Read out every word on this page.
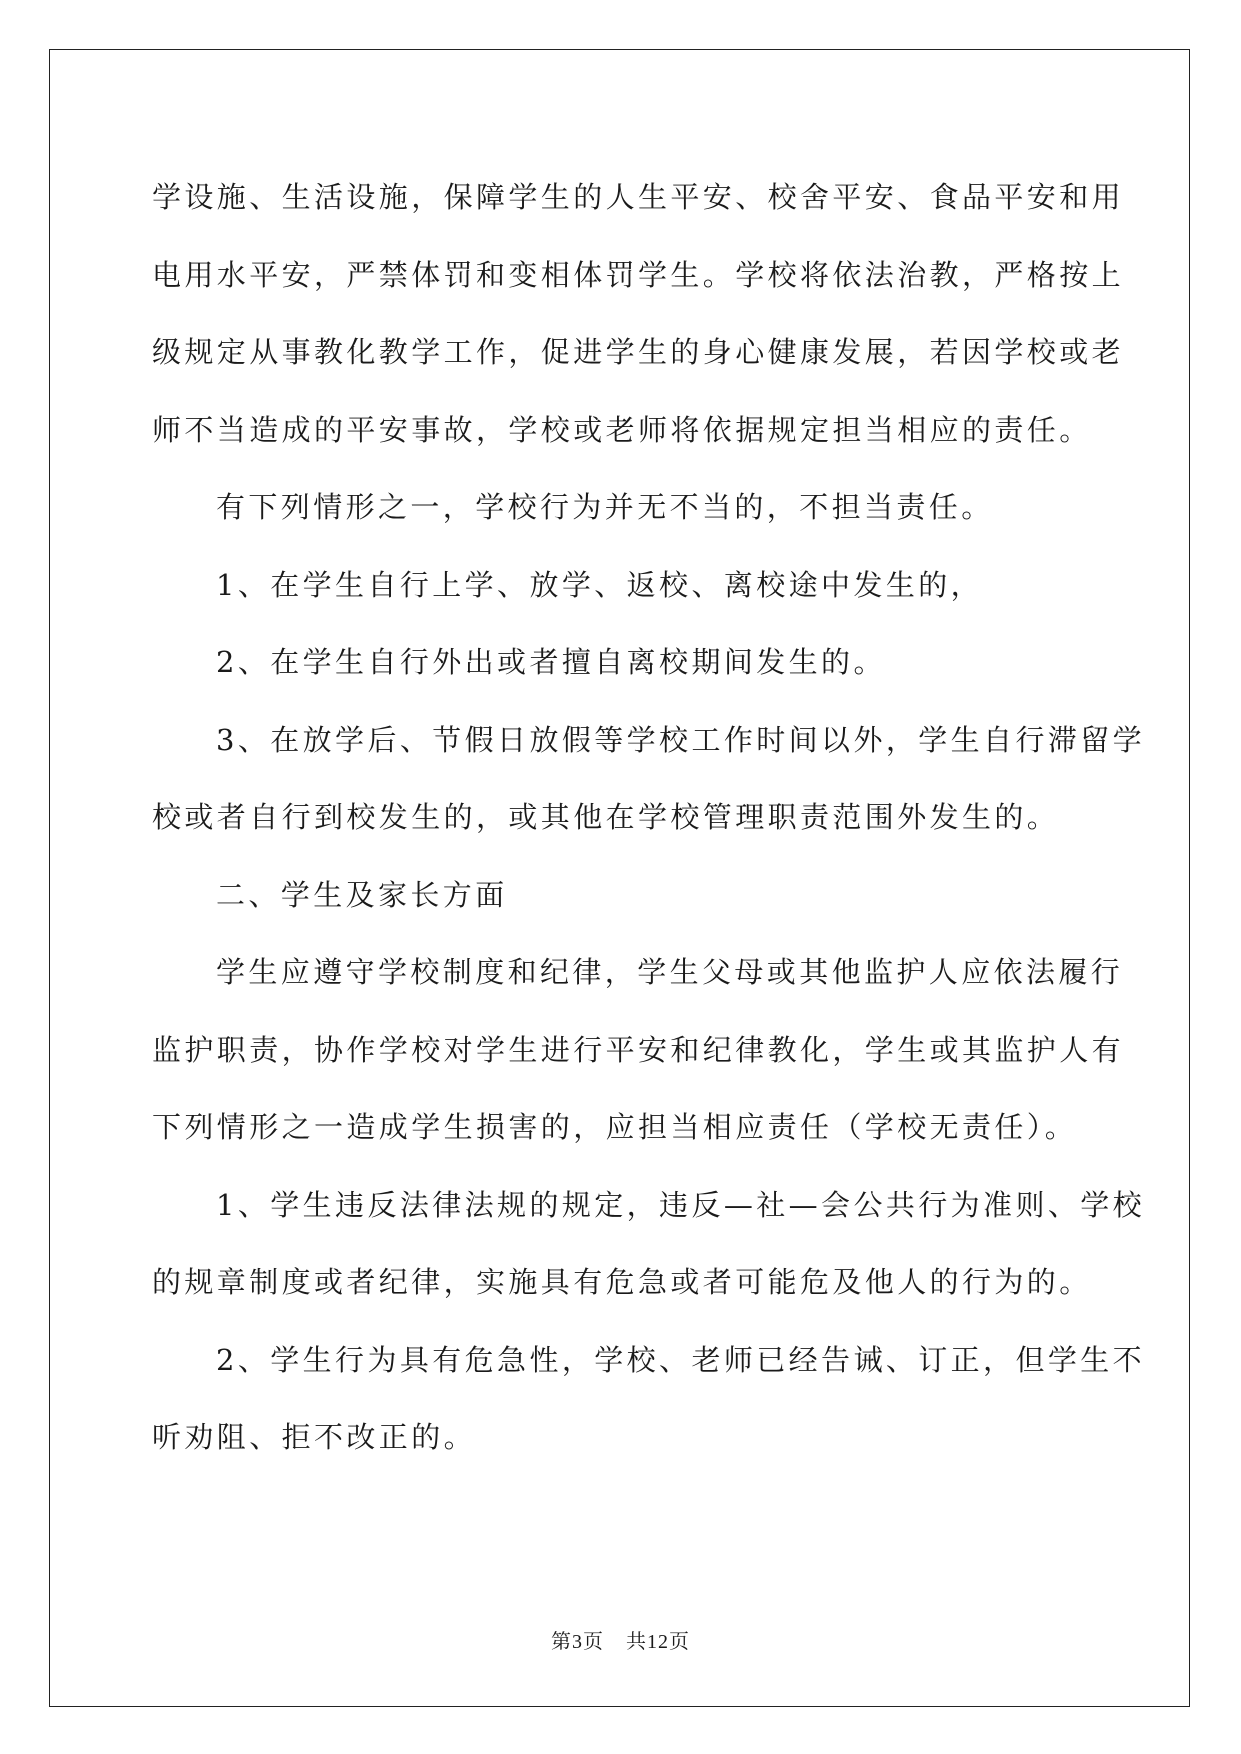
学设施、生活设施，保障学生的人生平安、校舍平安、食品平安和用
电用水平安，严禁体罚和变相体罚学生。学校将依法治教，严格按上
级规定从事教化教学工作，促进学生的身心健康发展，若因学校或老
师不当造成的平安事故，学校或老师将依据规定担当相应的责任。
有下列情形之一，学校行为并无不当的，不担当责任。
1、在学生自行上学、放学、返校、离校途中发生的，
2、在学生自行外出或者擅自离校期间发生的。
3、在放学后、节假日放假等学校工作时间以外，学生自行滞留学
校或者自行到校发生的，或其他在学校管理职责范围外发生的。
二、学生及家长方面
学生应遵守学校制度和纪律，学生父母或其他监护人应依法履行
监护职责，协作学校对学生进行平安和纪律教化，学生或其监护人有
下列情形之一造成学生损害的，应担当相应责任（学校无责任）。
1、学生违反法律法规的规定，违反—社—会公共行为准则、学校
的规章制度或者纪律，实施具有危急或者可能危及他人的行为的。
2、学生行为具有危急性，学校、老师已经告诫、订正，但学生不
听劝阻、拒不改正的。
第3页 共12页
